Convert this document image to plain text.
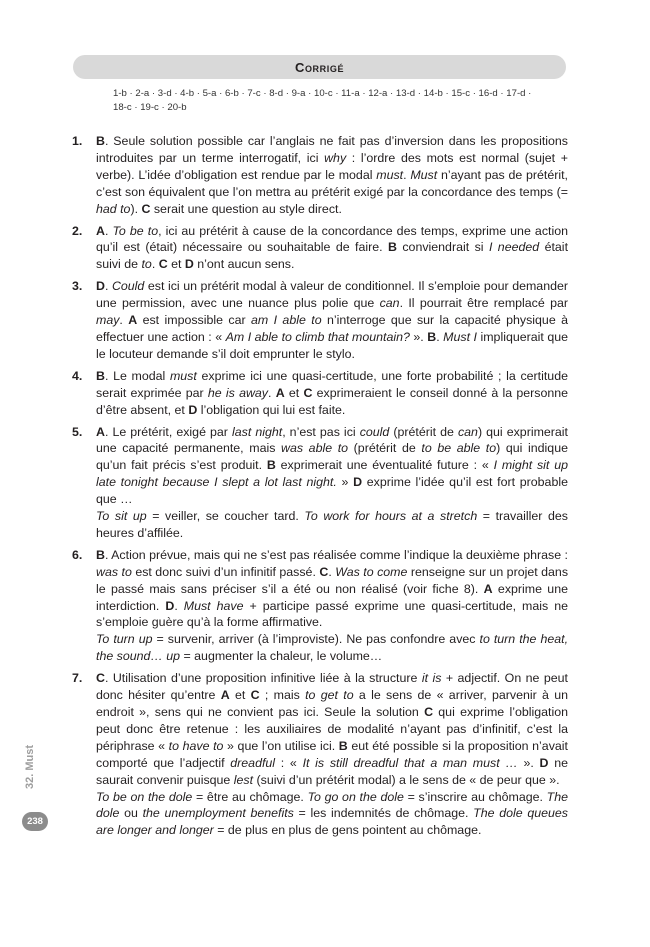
Corrigé
1-b · 2-a · 3-d · 4-b · 5-a · 6-b · 7-c · 8-d · 9-a · 10-c · 11-a · 12-a · 13-d · 14-b · 15-c · 16-d · 17-d · 18-c · 19-c · 20-b
1.	B. Seule solution possible car l’anglais ne fait pas d’inversion dans les propositions introduites par un terme interrogatif, ici why : l’ordre des mots est normal (sujet + verbe). L’idée d’obligation est rendue par le modal must. Must n’ayant pas de prétérit, c’est son équivalent que l’on mettra au prétérit exigé par la concordance des temps (= had to). C serait une question au style direct.

2.	A. To be to, ici au prétérit à cause de la concordance des temps, exprime une action qu’il est (était) nécessaire ou souhaitable de faire. B conviendrait si I needed était suivi de to. C et D n’ont aucun sens.

3.	D. Could est ici un prétérit modal à valeur de conditionnel. Il s’emploie pour demander une permission, avec une nuance plus polie que can. Il pourrait être remplacé par may. A est impossible car am I able to n’interroge que sur la capacité physique à effectuer une action : « Am I able to climb that mountain? ». B. Must I impliquerait que le locuteur demande s’il doit emprunter le stylo.

4.	B. Le modal must exprime ici une quasi-certitude, une forte probabilité ; la certitude serait exprimée par he is away. A et C exprimeraient le conseil donné à la personne d’être absent, et D l’obligation qui lui est faite.

5.	A. Le prétérit, exigé par last night, n’est pas ici could (prétérit de can) qui exprimerait une capacité permanente, mais was able to (prétérit de to be able to) qui indique qu’un fait précis s’est produit. B exprimerait une éventualité future : « I might sit up late tonight because I slept a lot last night. » D exprime l’idée qu’il est fort probable que …

To sit up = veiller, se coucher tard. To work for hours at a stretch = travailler des heures d’affilée.

6.	B. Action prévue, mais qui ne s’est pas réalisée comme l’indique la deuxième phrase : was to est donc suivi d’un infinitif passé. C. Was to come renseigne sur un projet dans le passé mais sans préciser s’il a été ou non réalisé (voir fiche 8). A exprime une interdiction. D. Must have + participe passé exprime une quasi-certitude, mais ne s’emploie guère qu’à la forme affirmative.

To turn up = survenir, arriver (à l’improviste). Ne pas confondre avec to turn the heat, the sound… up = augmenter la chaleur, le volume…

7.	C. Utilisation d’une proposition infinitive liée à la structure it is + adjectif. On ne peut donc hésiter qu’entre A et C ; mais to get to a le sens de « arriver, parvenir à un endroit », sens qui ne convient pas ici. Seule la solution C qui exprime l’obligation peut donc être retenue : les auxiliaires de modalité n’ayant pas d’infinitif, c’est la périphrase « to have to » que l’on utilise ici. B eut été possible si la proposition n’avait comporté que l’adjectif dreadful : « It is still dreadful that a man must … ». D ne saurait convenir puisque lest (suivi d’un prétérit modal) a le sens de « de peur que ».

To be on the dole = être au chômage. To go on the dole = s’inscrire au chômage. The dole ou the unemployment benefits = les indemnités de chômage. The dole queues are longer and longer = de plus en plus de gens pointent au chômage.

32. Must
238
